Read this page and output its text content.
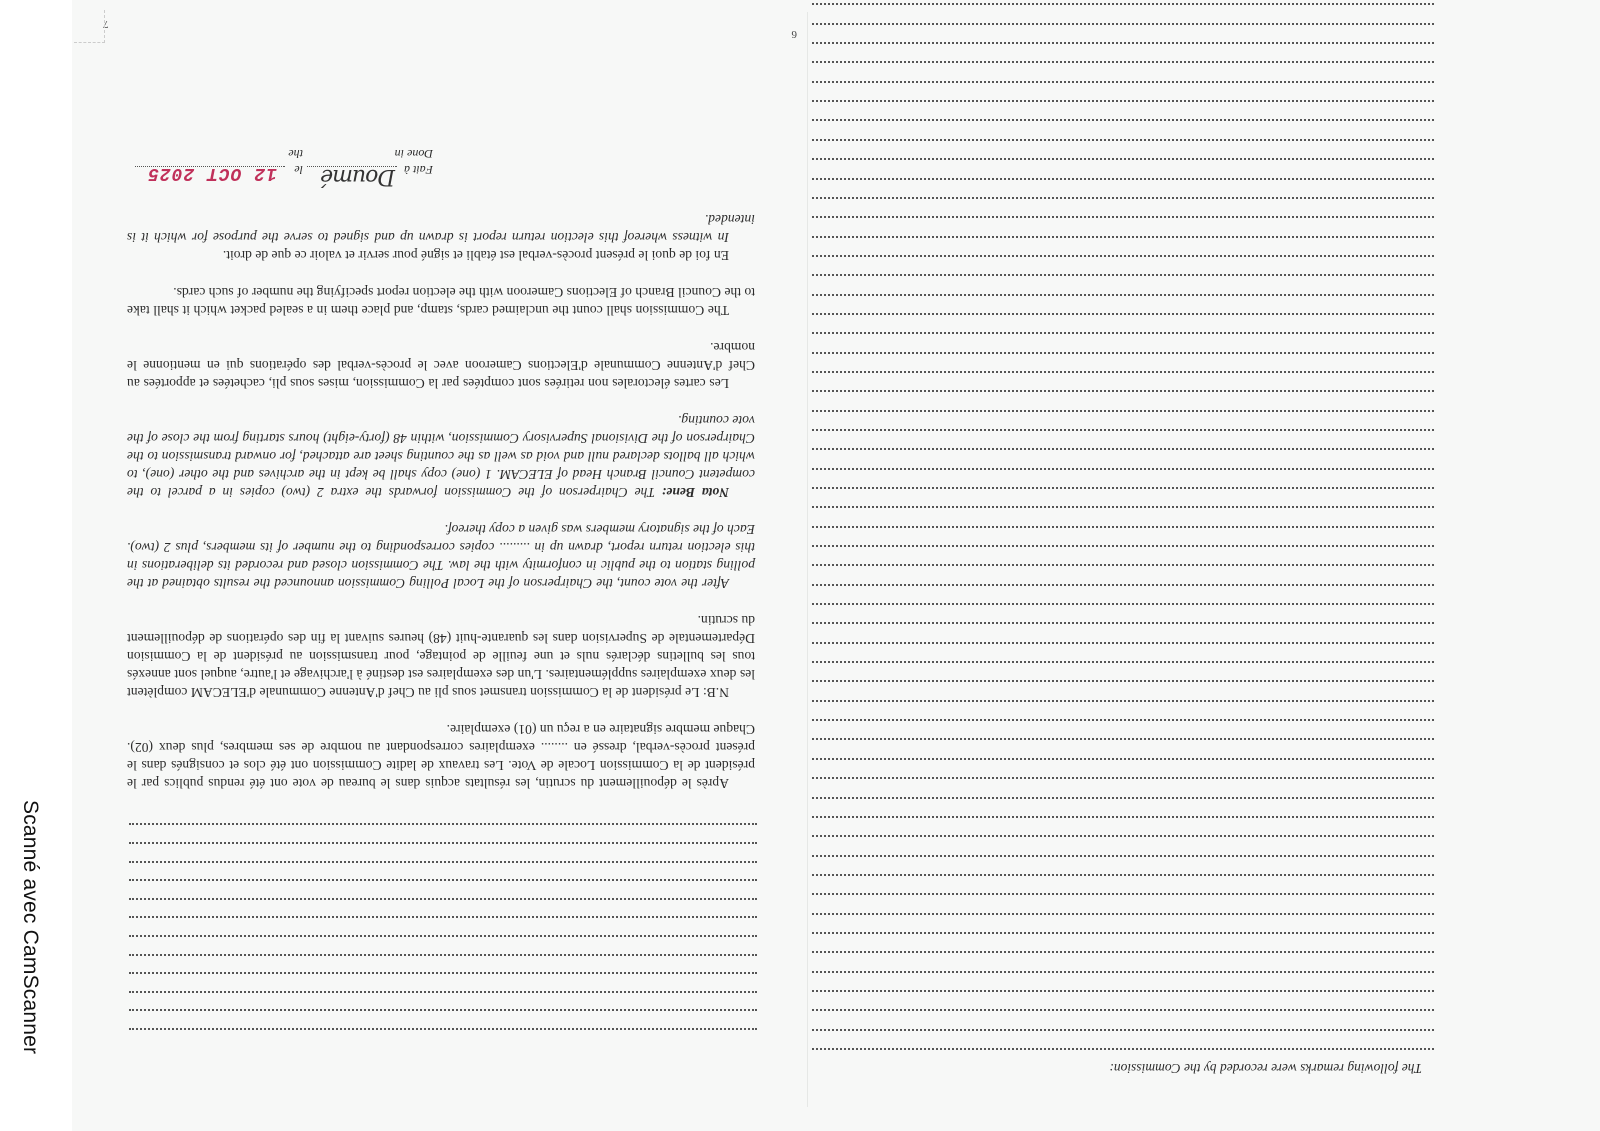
Scanné avec CamScanner

Après le dépouillement du scrutin, les résultats acquis dans le bureau de vote ont été rendus publics par le président de la Commission Locale de Vote. Les travaux de ladite Commission ont été clos et consignés dans le présent procès-verbal, dressé en ........ exemplaires correspondant au nombre de ses membres, plus deux (02). Chaque membre signataire en a reçu un (01) exemplaire.

N.B: Le président de la Commission transmet sous pli au Chef d'Antenne Communale d'ELECAM complètent les deux exemplaires supplémentaires. L'un des exemplaires est destiné à l'archivage et l'autre, auquel sont annexés tous les bulletins déclarés nuls et une feuille de pointage, pour transmission au président de la Commision Départementale de Supervision dans les quarante-huit (48) heures suivant la fin des opérations de dépouillement du scrutin.

After the vote count, the Chairperson of the Local Polling Commission announced the results obtained at the polling station to the public in conformity with the law. The Commission closed and recorded its deliberations in this election return report, drawn up in ......... copies corresponding to the number of its members, plus 2 (two). Each of the signatory members was given a copy thereof.

Nota Bene: The Chairperson of the Commission forwards the extra 2 (two) copies in a parcel to the competent Council Branch Head of ELECAM. 1 (one) copy shall be kept in the archives and the other (one), to which all ballots declared null and void as well as the counting sheet are attached, for onward transmission to the Chairperson of the Divisional Supervisory Commission, within 48 (forty-eight) hours starting from the close of the vote counting.

Les cartes électorales non retirées sont comptées par la Commission, mises sous pli, cachetées et apportées au Chef d'Antenne Communale d'Elections Cameroon avec le procès-verbal des opérations qui en mentionne le nombre.

The Commission shall count the unclaimed cards, stamp, and place them in a sealed packet which it shall take to the Council Branch of Elections Cameroon with the election report specifying the number of such cards.

En foi de quoi le présent procès-verbal est établi et signé pour servir et valoir ce que de droit.

In witness whereof this election return report is drawn up and signed to serve the purpose for which it is intended.

Fait à
Done in
Doumé
le
the
12 OCT 2025
7
The following remarks were recorded by the Commission:
6
